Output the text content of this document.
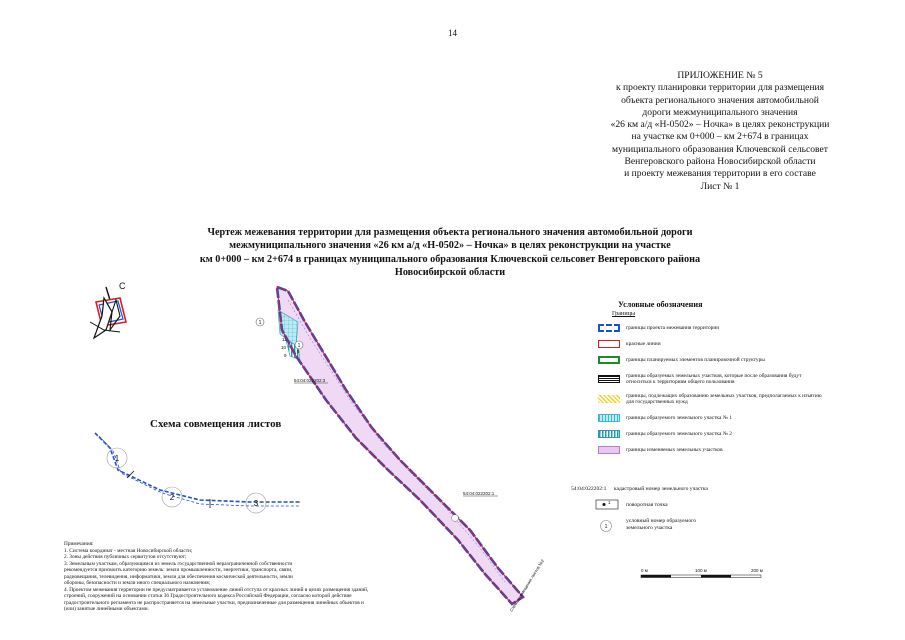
14
ПРИЛОЖЕНИЕ № 5
к проекту планировки территории для размещения
объекта регионального значения автомобильной
дороги межмуниципального значения
«26 км а/д «Н-0502» – Ночка» в целях реконструкции
на участке км 0+000 – км 2+674 в границах
муниципального образования Ключевской сельсовет
Венгеровского района Новосибирской области
и проекту межевания территории в его составе
Лист № 1
Чертеж межевания территории для размещения объекта регионального значения автомобильной дороги
межмуниципального значения «26 км а/д «Н-0502» – Ночка» в целях реконструкции на участке
км 0+000 – км 2+674 в границах муниципального образования Ключевской сельсовет Венгеровского района
Новосибирской области
С
1
1
11
10
9
8
54:04:022202:3
54:04:022202:1
Схема совмещения листов №2
1
2
3	1
1
0 м	100 м	200 м
Схема совмещения листов
Условные обозначения
Границы
границы проекта межевания территории
красные линии
границы планируемых элементов планировочной структуры
границы образуемых земельных участков, которые после образования будут относиться к территориям общего пользования
границы, подлежащих образованию земельных участков, предполагаемых к изъятию для государственных нужд
границы образуемого земельного участка № 1
границы образуемого земельного участка № 2
границы изменяемых земельных участков
54:04:022202:1 кадастровый номер земельного участка
поворотная точка
условный номер образуемого земельного участка
Примечания:
1. Система координат - местная Новосибирской области;
2. Зоны действия публичных сервитутов отсутствуют;
3. Земельным участкам, образующимся из земель государственной неразграниченной собственности
рекомендуется присвоить категорию земель: земли промышленности, энергетики, транспорта, связи,
радиовещания, телевидения, информатики, земли для обеспечения космической деятельности, земли
обороны, безопасности и земли иного специального назначения;
4. Проектом межевания территории не предусматривается установление линий отступа от красных линий в целях размещения зданий,
строений, сооружений на основании статьи 36 Градостроительного кодекса Российской Федерации, согласно которой действие
градостроительного регламента не распространяется на земельные участки, предназначенные для размещения линейных объектов и
(или) занятые линейными объектами.
